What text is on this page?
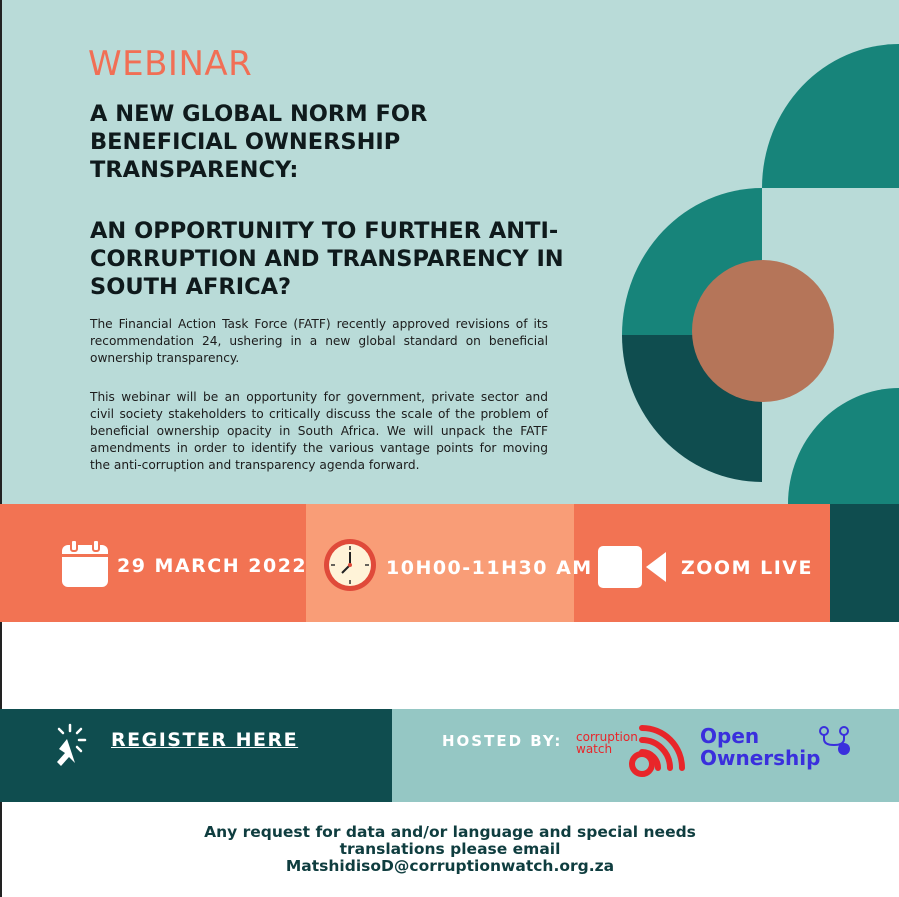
WEBINAR
A NEW GLOBAL NORM FOR BENEFICIAL OWNERSHIP TRANSPARENCY:
AN OPPORTUNITY TO FURTHER ANTI-CORRUPTION AND TRANSPARENCY IN SOUTH AFRICA?
The Financial Action Task Force (FATF) recently approved revisions of its recommendation 24, ushering in a new global standard on beneficial ownership transparency.
This webinar will be an opportunity for government, private sector and civil society stakeholders to critically discuss the scale of the problem of beneficial ownership opacity in South Africa. We will unpack the FATF amendments in order to identify the various vantage points for moving the anti-corruption and transparency agenda forward.
29 MARCH 2022	10H00-11H30 AM	ZOOM LIVE
REGISTER HERE	HOSTED BY: corruption
watch
Open
Ownership
Any request for data and/or language and special needs
translations please email
MatshidisoD@corruptionwatch.org.za
